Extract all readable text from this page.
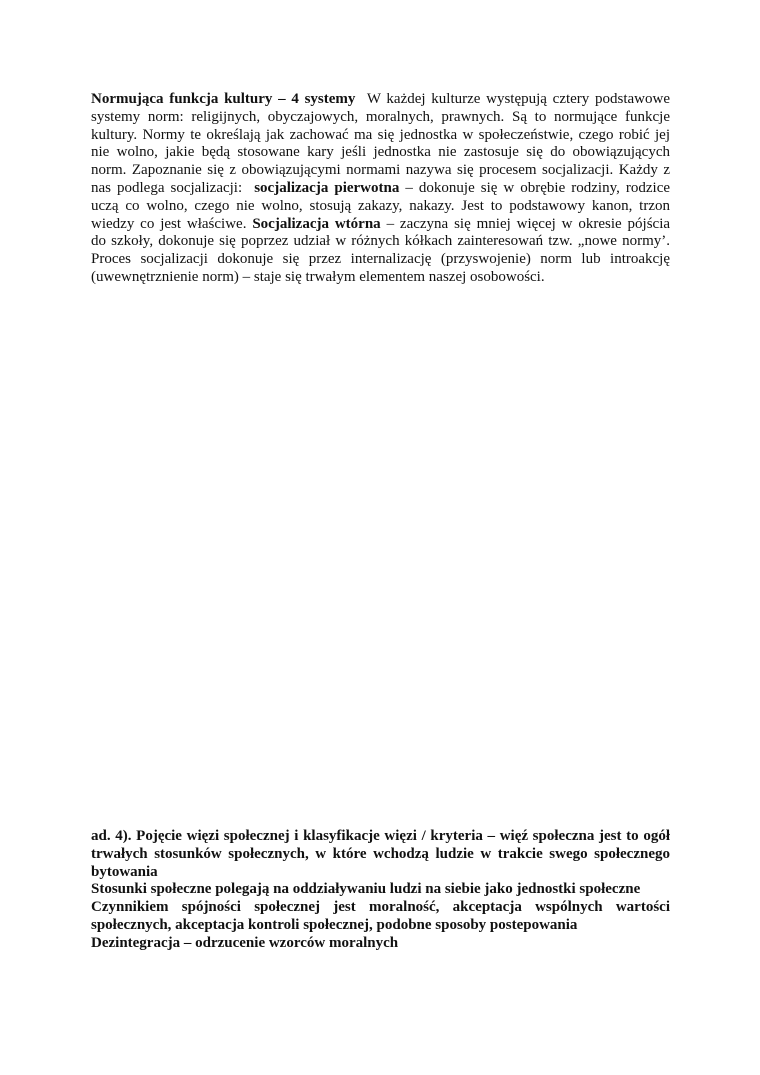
Normująca funkcja kultury – 4 systemy W każdej kulturze występują cztery podstawowe
systemy norm: religijnych, obyczajowych, moralnych, prawnych. Są to normujące funkcje
kultury. Normy te określają jak zachować ma się jednostka w społeczeństwie, czego robić jej
nie wolno, jakie będą stosowane kary jeśli jednostka nie zastosuje się do obowiązujących
norm. Zapoznanie się z obowiązującymi normami nazywa się procesem socjalizacji. Każdy z
nas podlega socjalizacji: socjalizacja pierwotna – dokonuje się w obrębie rodziny, rodzice
uczą co wolno, czego nie wolno, stosują zakazy, nakazy. Jest to podstawowy kanon, trzon
wiedzy co jest właściwe. Socjalizacja wtórna – zaczyna się mniej więcej w okresie pójścia
do szkoły, dokonuje się poprzez udział w różnych kółkach zainteresowań tzw. „nowe normy’.
Proces socjalizacji dokonuje się przez internalizację (przyswojenie) norm lub introakcję
(uwewnętrznienie norm) – staje się trwałym elementem naszej osobowości.
ad. 4). Pojęcie więzi społecznej i klasyfikacje więzi / kryteria – więź społeczna jest to ogół
trwałych stosunków społecznych, w które wchodzą ludzie w trakcie swego społecznego
bytowania
Stosunki społeczne polegają na oddziaływaniu ludzi na siebie jako jednostki społeczne
Czynnikiem spójności społecznej jest moralność, akceptacja wspólnych wartości
społecznych, akceptacja kontroli społecznej, podobne sposoby postepowania
Dezintegracja – odrzucenie wzorców moralnych
